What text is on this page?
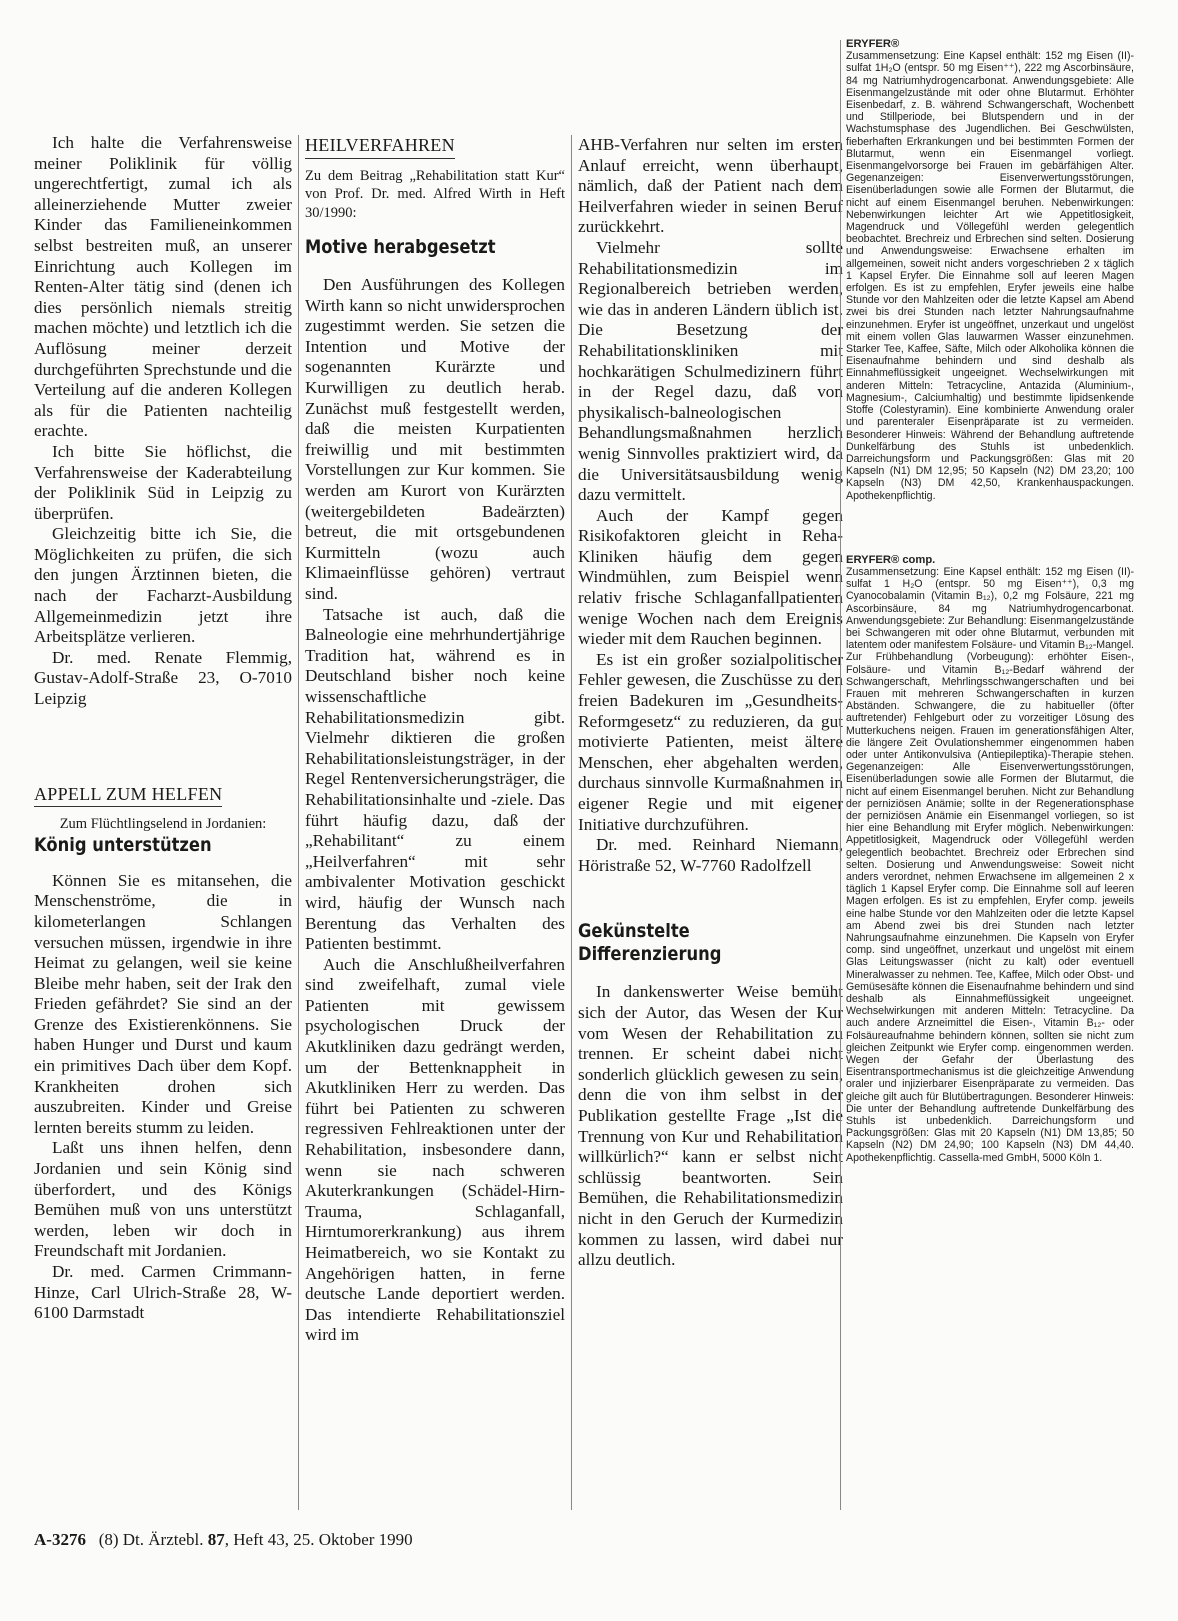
Ich halte die Verfahrensweise meiner Poliklinik für völlig ungerechtfertigt, zumal ich als alleinerziehende Mutter zweier Kinder das Familieneinkommen selbst bestreiten muß, an unserer Einrichtung auch Kollegen im Renten-Alter tätig sind (denen ich dies persönlich niemals streitig machen möchte) und letztlich ich die Auflösung meiner derzeit durchgeführten Sprechstunde und die Verteilung auf die anderen Kollegen als für die Patienten nachteilig erachte.

Ich bitte Sie höflichst, die Verfahrensweise der Kaderabteilung der Poliklinik Süd in Leipzig zu überprüfen.

Gleichzeitig bitte ich Sie, die Möglichkeiten zu prüfen, die sich den jungen Ärztinnen bieten, die nach der Facharzt-Ausbildung Allgemeinmedizin jetzt ihre Arbeitsplätze verlieren.

Dr. med. Renate Flemmig, Gustav-Adolf-Straße 23, O-7010 Leipzig

APPELL ZUM HELFEN

Zum Flüchtlingselend in Jordanien:

König unterstützen

Können Sie es mitansehen, die Menschenströme, die in kilometerlangen Schlangen versuchen müssen, irgendwie in ihre Heimat zu gelangen, weil sie keine Bleibe mehr haben, seit der Irak den Frieden gefährdet? Sie sind an der Grenze des Existierenkönnens. Sie haben Hunger und Durst und kaum ein primitives Dach über dem Kopf. Krankheiten drohen sich auszubreiten. Kinder und Greise lernten bereits stumm zu leiden.

Laßt uns ihnen helfen, denn Jordanien und sein König sind überfordert, und des Königs Bemühen muß von uns unterstützt werden, leben wir doch in Freundschaft mit Jordanien.

Dr. med. Carmen Crimmann-Hinze, Carl Ulrich-Straße 28, W-6100 Darmstadt

HEILVERFAHREN

Zu dem Beitrag „Rehabilitation statt Kur“ von Prof. Dr. med. Alfred Wirth in Heft 30/1990:

Motive herabgesetzt

Den Ausführungen des Kollegen Wirth kann so nicht unwidersprochen zugestimmt werden. Sie setzen die Intention und Motive der sogenannten Kurärzte und Kurwilligen zu deutlich herab. Zunächst muß festgestellt werden, daß die meisten Kurpatienten freiwillig und mit bestimmten Vorstellungen zur Kur kommen. Sie werden am Kurort von Kurärzten (weitergebildeten Badeärzten) betreut, die mit ortsgebundenen Kurmitteln (wozu auch Klimaeinflüsse gehören) vertraut sind.

Tatsache ist auch, daß die Balneologie eine mehrhundertjährige Tradition hat, während es in Deutschland bisher noch keine wissenschaftliche Rehabilitationsmedizin gibt. Vielmehr diktieren die großen Rehabilitationsleistungsträger, in der Regel Rentenversicherungsträger, die Rehabilitationsinhalte und -ziele. Das führt häufig dazu, daß der „Rehabilitant“ zu einem „Heilverfahren“ mit sehr ambivalenter Motivation geschickt wird, häufig der Wunsch nach Berentung das Verhalten des Patienten bestimmt.

Auch die Anschlußheilverfahren sind zweifelhaft, zumal viele Patienten mit gewissem psychologischen Druck der Akutkliniken dazu gedrängt werden, um der Bettenknappheit in Akutkliniken Herr zu werden. Das führt bei Patienten zu schweren regressiven Fehlreaktionen unter der Rehabilitation, insbesondere dann, wenn sie nach schweren Akuterkrankungen (Schädel-Hirn-Trauma, Schlaganfall, Hirntumorerkrankung) aus ihrem Heimatbereich, wo sie Kontakt zu Angehörigen hatten, in ferne deutsche Lande deportiert werden. Das intendierte Rehabilitationsziel wird im

AHB-Verfahren nur selten im ersten Anlauf erreicht, wenn überhaupt, nämlich, daß der Patient nach dem Heilverfahren wieder in seinen Beruf zurückkehrt.

Vielmehr sollte Rehabilitationsmedizin im Regionalbereich betrieben werden, wie das in anderen Ländern üblich ist. Die Besetzung der Rehabilitationskliniken mit hochkarätigen Schulmedizinern führt in der Regel dazu, daß von physikalisch-balneologischen Behandlungsmaßnahmen herzlich wenig Sinnvolles praktiziert wird, da die Universitätsausbildung wenig dazu vermittelt.

Auch der Kampf gegen Risikofaktoren gleicht in Reha-Kliniken häufig dem gegen Windmühlen, zum Beispiel wenn relativ frische Schlaganfallpatienten wenige Wochen nach dem Ereignis wieder mit dem Rauchen beginnen.

Es ist ein großer sozialpolitischer Fehler gewesen, die Zuschüsse zu den freien Badekuren im „Gesundheits-Reformgesetz“ zu reduzieren, da gut motivierte Patienten, meist ältere Menschen, eher abgehalten werden, durchaus sinnvolle Kurmaßnahmen in eigener Regie und mit eigener Initiative durchzuführen.

Dr. med. Reinhard Niemann, Höristraße 52, W-7760 Radolfzell

Gekünstelte
Differenzierung

In dankenswerter Weise bemüht sich der Autor, das Wesen der Kur vom Wesen der Rehabilitation zu trennen. Er scheint dabei nicht sonderlich glücklich gewesen zu sein, denn die von ihm selbst in der Publikation gestellte Frage „Ist die Trennung von Kur und Rehabilitation willkürlich?“ kann er selbst nicht schlüssig beantworten. Sein Bemühen, die Rehabilitationsmedizin nicht in den Geruch der Kurmedizin kommen zu lassen, wird dabei nur allzu deutlich.

ERYFER®

Zusammensetzung: Eine Kapsel enthält: 152 mg Eisen (II)-sulfat 1H₂O (entspr. 50 mg Eisen⁺⁺), 222 mg Ascorbinsäure, 84 mg Natriumhydrogencarbonat. Anwendungsgebiete: Alle Eisenmangelzustände mit oder ohne Blutarmut. Erhöhter Eisenbedarf, z. B. während Schwangerschaft, Wochenbett und Stillperiode, bei Blutspendern und in der Wachstumsphase des Jugendlichen. Bei Geschwülsten, fieberhaften Erkrankungen und bei bestimmten Formen der Blutarmut, wenn ein Eisenmangel vorliegt. Eisenmangelvorsorge bei Frauen im gebärfähigen Alter. Gegenanzeigen: Eisenverwertungsstörungen, Eisenüberladungen sowie alle Formen der Blutarmut, die nicht auf einem Eisenmangel beruhen. Nebenwirkungen: Nebenwirkungen leichter Art wie Appetitlosigkeit, Magendruck und Völlegefühl werden gelegentlich beobachtet. Brechreiz und Erbrechen sind selten. Dosierung und Anwendungsweise: Erwachsene erhalten im allgemeinen, soweit nicht anders vorgeschrieben 2 x täglich 1 Kapsel Eryfer. Die Einnahme soll auf leeren Magen erfolgen. Es ist zu empfehlen, Eryfer jeweils eine halbe Stunde vor den Mahlzeiten oder die letzte Kapsel am Abend zwei bis drei Stunden nach letzter Nahrungsaufnahme einzunehmen. Eryfer ist ungeöffnet, unzerkaut und ungelöst mit einem vollen Glas lauwarmen Wasser einzunehmen. Starker Tee, Kaffee, Säfte, Milch oder Alkoholika können die Eisenaufnahme behindern und sind deshalb als Einnahmeflüssigkeit ungeeignet. Wechselwirkungen mit anderen Mitteln: Tetracycline, Antazida (Aluminium-, Magnesium-, Calciumhaltig) und bestimmte lipidsenkende Stoffe (Colestyramin). Eine kombinierte Anwendung oraler und parenteraler Eisenpräparate ist zu vermeiden. Besonderer Hinweis: Während der Behandlung auftretende Dunkelfärbung des Stuhls ist unbedenklich. Darreichungsform und Packungsgrößen: Glas mit 20 Kapseln (N1) DM 12,95; 50 Kapseln (N2) DM 23,20; 100 Kapseln (N3) DM 42,50, Krankenhauspackungen. Apothekenpflichtig.

ERYFER® comp.

Zusammensetzung: Eine Kapsel enthält: 152 mg Eisen (II)-sulfat 1 H₂O (entspr. 50 mg Eisen⁺⁺), 0,3 mg Cyanocobalamin (Vitamin B₁₂), 0,2 mg Folsäure, 221 mg Ascorbinsäure, 84 mg Natriumhydrogencarbonat. Anwendungsgebiete: Zur Behandlung: Eisenmangelzustände bei Schwangeren mit oder ohne Blutarmut, verbunden mit latentem oder manifestem Folsäure- und Vitamin B₁₂-Mangel. Zur Frühbehandlung (Vorbeugung): erhöhter Eisen-, Folsäure- und Vitamin B₁₂-Bedarf während der Schwangerschaft, Mehrlingsschwangerschaften und bei Frauen mit mehreren Schwangerschaften in kurzen Abständen. Schwangere, die zu habitueller (öfter auftretender) Fehlgeburt oder zu vorzeitiger Lösung des Mutterkuchens neigen. Frauen im generationsfähigen Alter, die längere Zeit Ovulationshemmer eingenommen haben oder unter Antikonvulsiva (Antiepileptika)-Therapie stehen. Gegenanzeigen: Alle Eisenverwertungsstörungen, Eisenüberladungen sowie alle Formen der Blutarmut, die nicht auf einem Eisenmangel beruhen. Nicht zur Behandlung der perniziösen Anämie; sollte in der Regenerationsphase der perniziösen Anämie ein Eisenmangel vorliegen, so ist hier eine Behandlung mit Eryfer möglich. Nebenwirkungen: Appetitlosigkeit, Magendruck oder Völlegefühl werden gelegentlich beobachtet. Brechreiz oder Erbrechen sind selten. Dosierung und Anwendungsweise: Soweit nicht anders verordnet, nehmen Erwachsene im allgemeinen 2 x täglich 1 Kapsel Eryfer comp. Die Einnahme soll auf leeren Magen erfolgen. Es ist zu empfehlen, Eryfer comp. jeweils eine halbe Stunde vor den Mahlzeiten oder die letzte Kapsel am Abend zwei bis drei Stunden nach letzter Nahrungsaufnahme einzunehmen. Die Kapseln von Eryfer comp. sind ungeöffnet, unzerkaut und ungelöst mit einem Glas Leitungswasser (nicht zu kalt) oder eventuell Mineralwasser zu nehmen. Tee, Kaffee, Milch oder Obst- und Gemüsesäfte können die Eisenaufnahme behindern und sind deshalb als Einnahmeflüssigkeit ungeeignet. Wechselwirkungen mit anderen Mitteln: Tetracycline. Da auch andere Arzneimittel die Eisen-, Vitamin B₁₂- oder Folsäureaufnahme behindern können, sollten sie nicht zum gleichen Zeitpunkt wie Eryfer comp. eingenommen werden. Wegen der Gefahr der Überlastung des Eisentransportmechanismus ist die gleichzeitige Anwendung oraler und injizierbarer Eisenpräparate zu vermeiden. Das gleiche gilt auch für Blutübertragungen. Besonderer Hinweis: Die unter der Behandlung auftretende Dunkelfärbung des Stuhls ist unbedenklich. Darreichungsform und Packungsgrößen: Glas mit 20 Kapseln (N1) DM 13,85; 50 Kapseln (N2) DM 24,90; 100 Kapseln (N3) DM 44,40. Apothekenpflichtig. Cassella-med GmbH, 5000 Köln 1.

A-3276 (8) Dt. Ärztebl. 87, Heft 43, 25. Oktober 1990
